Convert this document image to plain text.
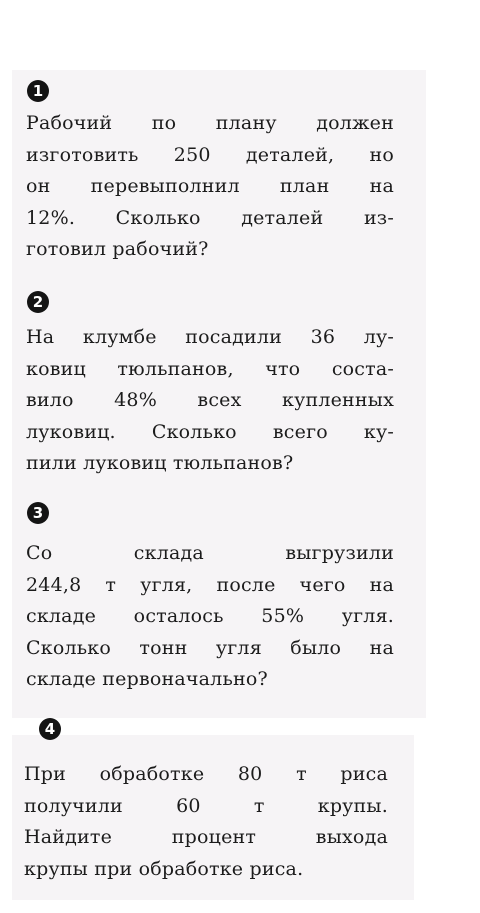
1
Рабочий по плану должен
изготовить 250 деталей, но
он перевыполнил план на
12%. Сколько деталей из-
готовил рабочий?
2
На клумбе посадили 36 лу-
ковиц тюльпанов, что соста-
вило 48% всех купленных
луковиц. Сколько всего ку-
пили луковиц тюльпанов?
3
Со склада выгрузили
244,8 т угля, после чего на
складе осталось 55% угля.
Сколько тонн угля было на
складе первоначально?
4
При обработке 80 т риса
получили 60 т крупы.
Найдите процент выхода
крупы при обработке риса.
